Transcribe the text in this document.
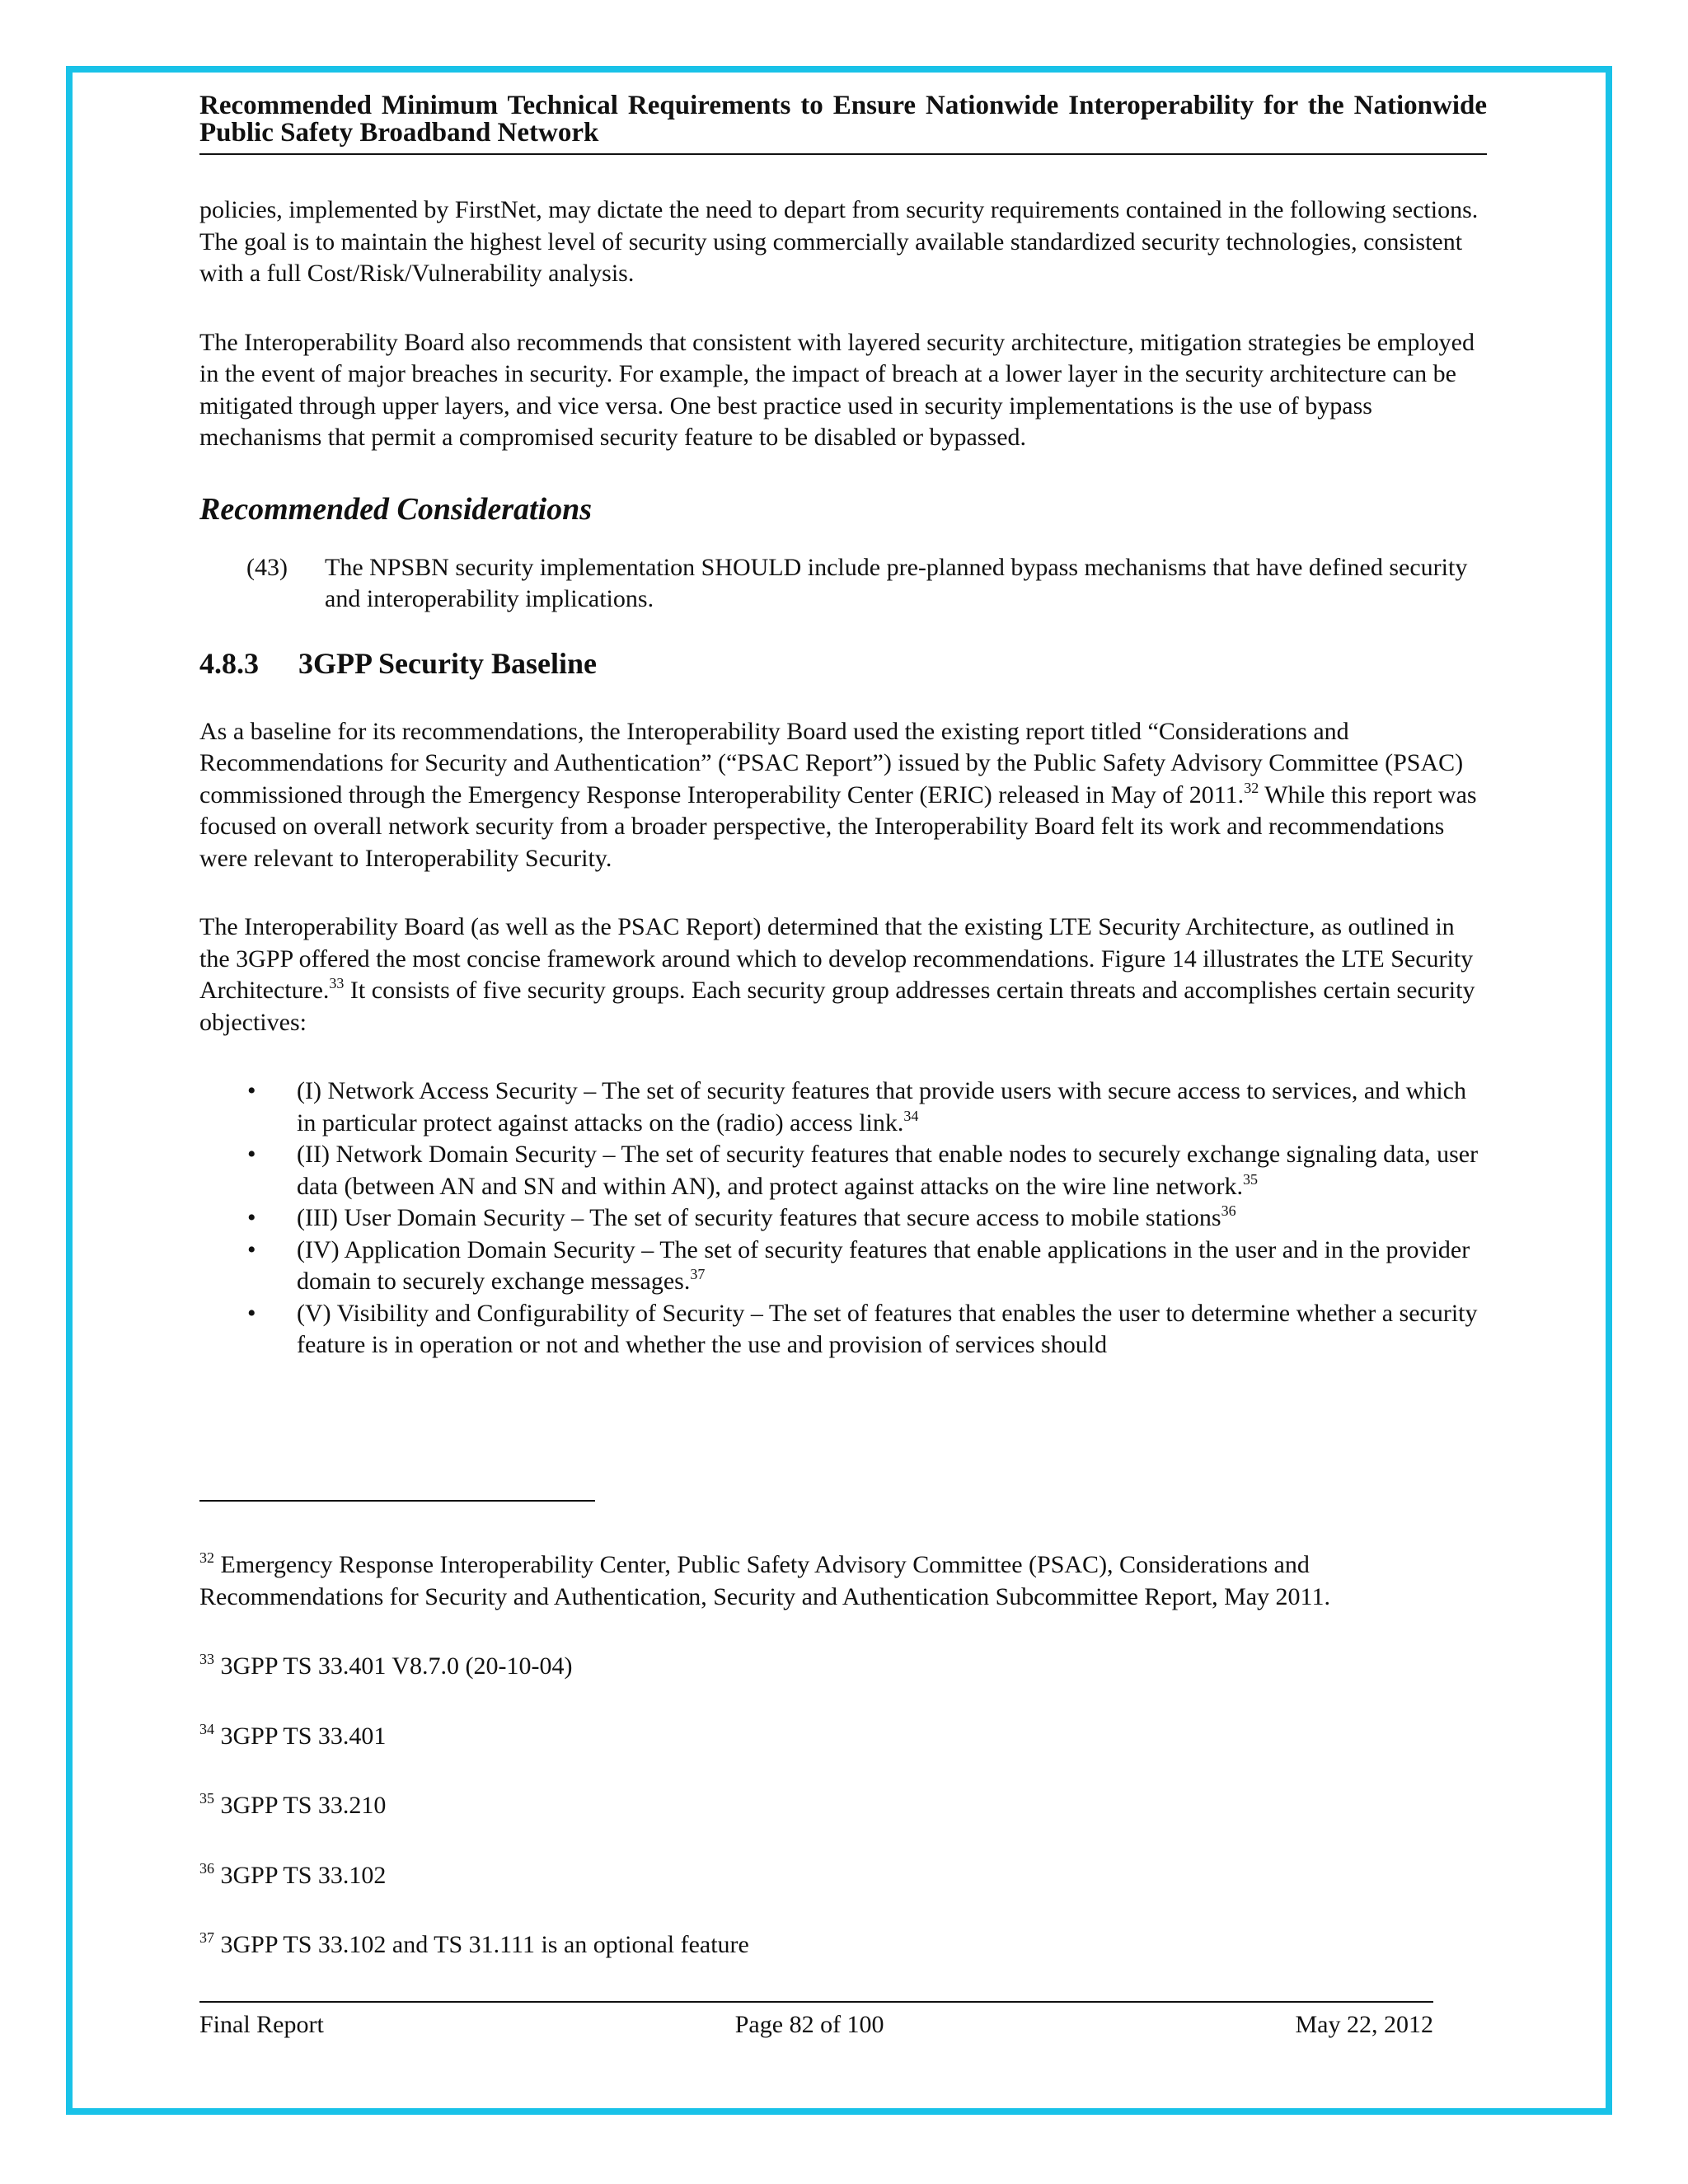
Recommended Minimum Technical Requirements to Ensure Nationwide Interoperability for the Nationwide Public Safety Broadband Network

policies, implemented by FirstNet, may dictate the need to depart from security requirements contained in the following sections. The goal is to maintain the highest level of security using commercially available standardized security technologies, consistent with a full Cost/Risk/Vulnerability analysis.

The Interoperability Board also recommends that consistent with layered security architecture, mitigation strategies be employed in the event of major breaches in security. For example, the impact of breach at a lower layer in the security architecture can be mitigated through upper layers, and vice versa. One best practice used in security implementations is the use of bypass mechanisms that permit a compromised security feature to be disabled or bypassed.

Recommended Considerations
(43)	The NPSBN security implementation SHOULD include pre-planned bypass mechanisms that have defined security and interoperability implications.
4.8.3 3GPP Security Baseline

As a baseline for its recommendations, the Interoperability Board used the existing report titled “Considerations and Recommendations for Security and Authentication” (“PSAC Report”) issued by the Public Safety Advisory Committee (PSAC) commissioned through the Emergency Response Interoperability Center (ERIC) released in May of 2011.32 While this report was focused on overall network security from a broader perspective, the Interoperability Board felt its work and recommendations were relevant to Interoperability Security.

The Interoperability Board (as well as the PSAC Report) determined that the existing LTE Security Architecture, as outlined in the 3GPP offered the most concise framework around which to develop recommendations. Figure 14 illustrates the LTE Security Architecture.$^{33}$ It consists of five security groups. Each security group addresses certain threats and accomplishes certain security objectives:

•
(I) Network Access Security – The set of security features that provide users with secure access to services, and which in particular protect against attacks on the (radio) access link.$^{34}$
•
(II) Network Domain Security – The set of security features that enable nodes to securely exchange signaling data, user data (between AN and SN and within AN), and protect against attacks on the wire line network.$^{35}$
•
(III) User Domain Security – The set of security features that secure access to mobile stations$^{36}$
•
(IV) Application Domain Security – The set of security features that enable applications in the user and in the provider domain to securely exchange messages.$^{37}$
•
(V) Visibility and Configurability of Security – The set of features that enables the user to determine whether a security feature is in operation or not and whether the use and provision of services should
$^{32}$ Emergency Response Interoperability Center, Public Safety Advisory Committee (PSAC), Considerations and Recommendations for Security and Authentication, Security and Authentication Subcommittee Report, May 2011.
$^{33}$ 3GPP TS 33.401 V8.7.0 (20-10-04)
$^{34}$ 3GPP TS 33.401
$^{35}$ 3GPP TS 33.210
$^{36}$ 3GPP TS 33.102
$^{37}$ 3GPP TS 33.102 and TS 31.111 is an optional feature
Final Report	Page 82 of 100	May 22, 2012
